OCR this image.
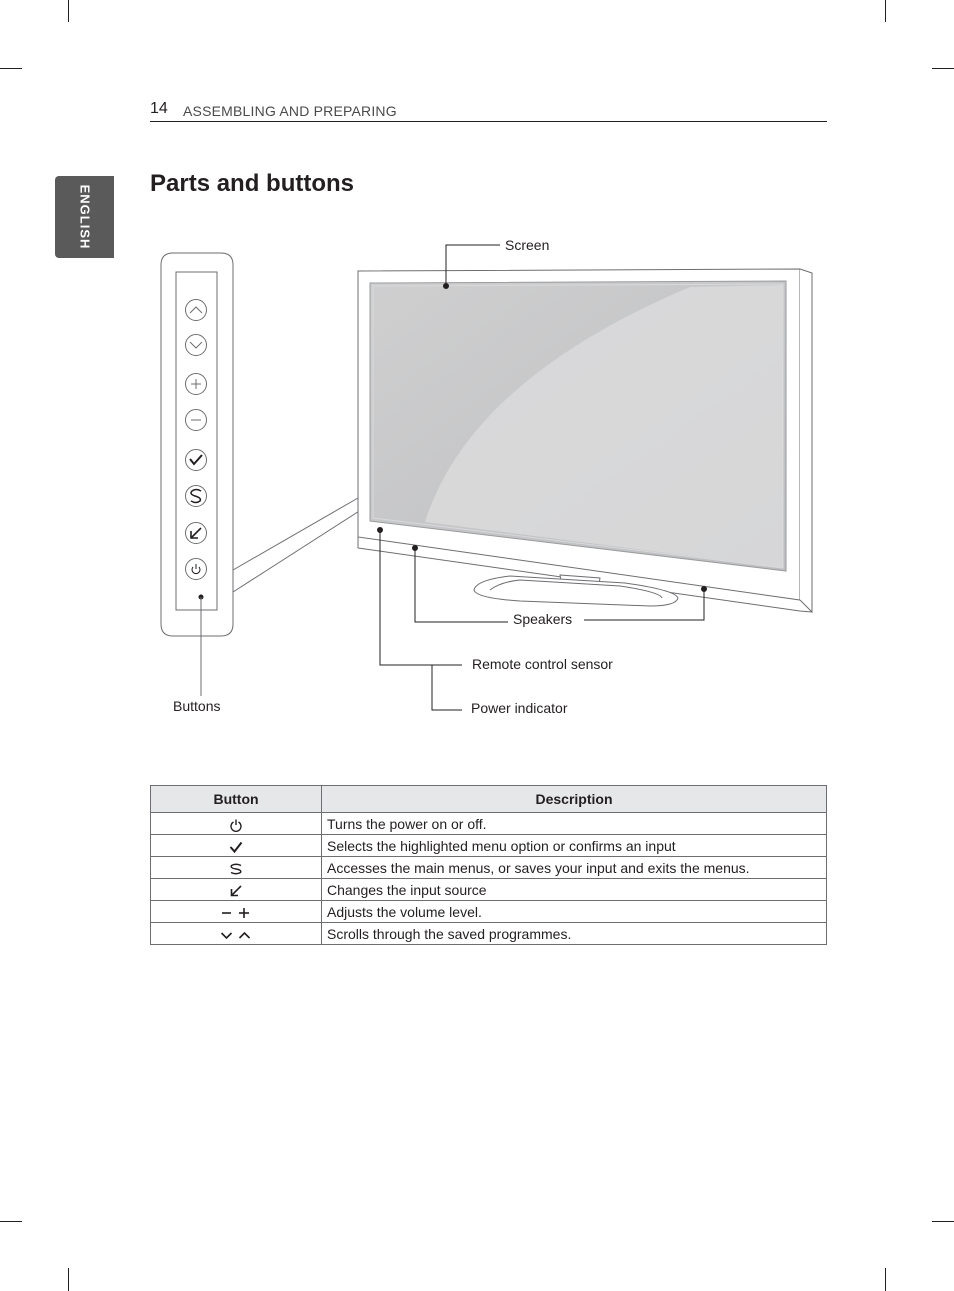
14 ASSEMBLING AND PREPARING
ENGLISH
Parts and buttons
Screen
Speakers
Remote control sensor
Power indicator
Buttons
Button	Description
	Turns the power on or off.
	Selects the highlighted menu option or confirms an input
	Accesses the main menus, or saves your input and exits the menus.
	Changes the input source
	Adjusts the volume level.
	Scrolls through the saved programmes.
